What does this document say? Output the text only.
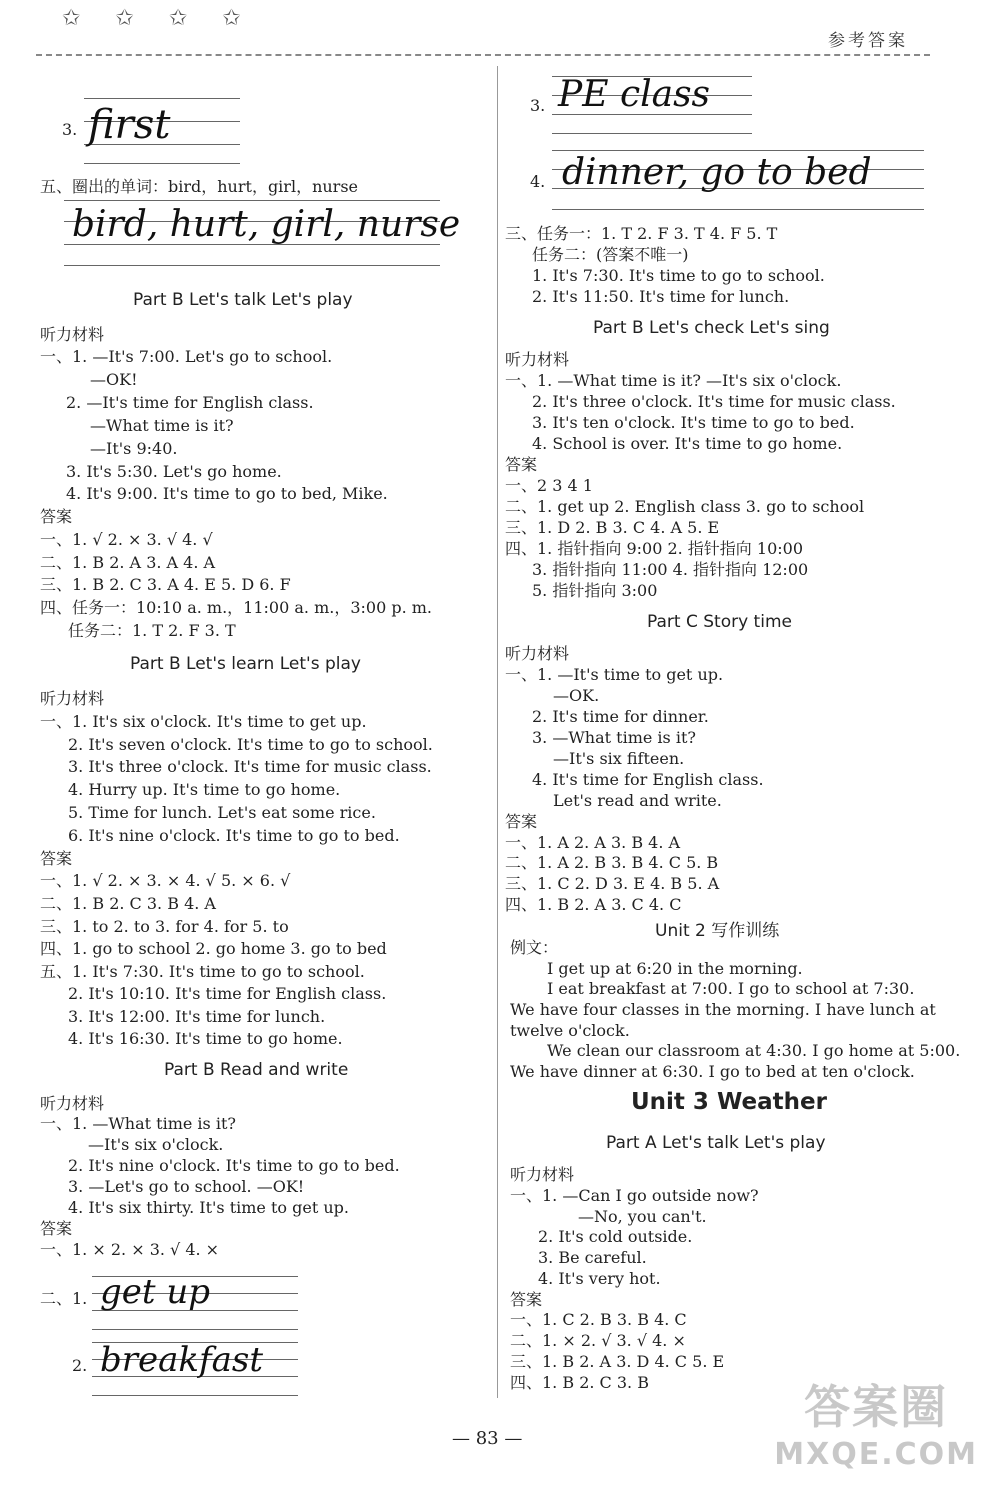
✩ ✩ ✩ ✩
参考答案
3. first
五、圈出的单词：bird，hurt，girl，nurse
bird, hurt, girl, nurse
Part B Let's talk Let's play
听力材料
一、1. —It's 7:00. Let's go to school.
—OK!
2. —It's time for English class.
—What time is it?
—It's 9:40.
3. It's 5:30. Let's go home.
4. It's 9:00. It's time to go to bed, Mike.
答案
一、1. √ 2. × 3. √ 4. √
二、1. B 2. A 3. A 4. A
三、1. B 2. C 3. A 4. E 5. D 6. F
四、任务一：10:10 a. m.，11:00 a. m.，3:00 p. m.
任务二：1. T 2. F 3. T
Part B Let's learn Let's play
听力材料
一、1. It's six o'clock. It's time to get up.
2. It's seven o'clock. It's time to go to school.
3. It's three o'clock. It's time for music class.
4. Hurry up. It's time to go home.
5. Time for lunch. Let's eat some rice.
6. It's nine o'clock. It's time to go to bed.
答案
一、1. √ 2. × 3. × 4. √ 5. × 6. √
二、1. B 2. C 3. B 4. A
三、1. to 2. to 3. for 4. for 5. to
四、1. go to school 2. go home 3. go to bed
五、1. It's 7:30. It's time to go to school.
2. It's 10:10. It's time for English class.
3. It's 12:00. It's time for lunch.
4. It's 16:30. It's time to go home.
Part B Read and write
听力材料
一、1. —What time is it?
—It's six o'clock.
2. It's nine o'clock. It's time to go to bed.
3. —Let's go to school. —OK!
4. It's six thirty. It's time to get up.
答案
一、1. × 2. × 3. √ 4. ×
二、1. get up
2. breakfast
3. PE class
4. dinner, go to bed
三、任务一：1. T 2. F 3. T 4. F 5. T
任务二：(答案不唯一)
1. It's 7:30. It's time to go to school.
2. It's 11:50. It's time for lunch.
Part B Let's check Let's sing
听力材料
一、1. —What time is it? —It's six o'clock.
2. It's three o'clock. It's time for music class.
3. It's ten o'clock. It's time to go to bed.
4. School is over. It's time to go home.
答案
一、2 3 4 1
二、1. get up 2. English class 3. go to school
三、1. D 2. B 3. C 4. A 5. E
四、1. 指针指向 9:00 2. 指针指向 10:00
3. 指针指向 11:00 4. 指针指向 12:00
5. 指针指向 3:00
Part C Story time
听力材料
一、1. —It's time to get up.
—OK.
2. It's time for dinner.
3. —What time is it?
—It's six fifteen.
4. It's time for English class.
Let's read and write.
答案
一、1. A 2. A 3. B 4. A
二、1. A 2. B 3. B 4. C 5. B
三、1. C 2. D 3. E 4. B 5. A
四、1. B 2. A 3. C 4. C
Unit 2 写作训练
例文：
I get up at 6:20 in the morning.
I eat breakfast at 7:00. I go to school at 7:30.
We have four classes in the morning. I have lunch at
twelve o'clock.
We clean our classroom at 4:30. I go home at 5:00.
We have dinner at 6:30. I go to bed at ten o'clock.
Unit 3 Weather
Part A Let's talk Let's play
听力材料
一、1. —Can I go outside now?
—No, you can't.
2. It's cold outside.
3. Be careful.
4. It's very hot.
答案
一、1. C 2. B 3. B 4. C
二、1. × 2. √ 3. √ 4. ×
三、1. B 2. A 3. D 4. C 5. E
四、1. B 2. C 3. B
— 83 —
答案圈
MXQE.COM
